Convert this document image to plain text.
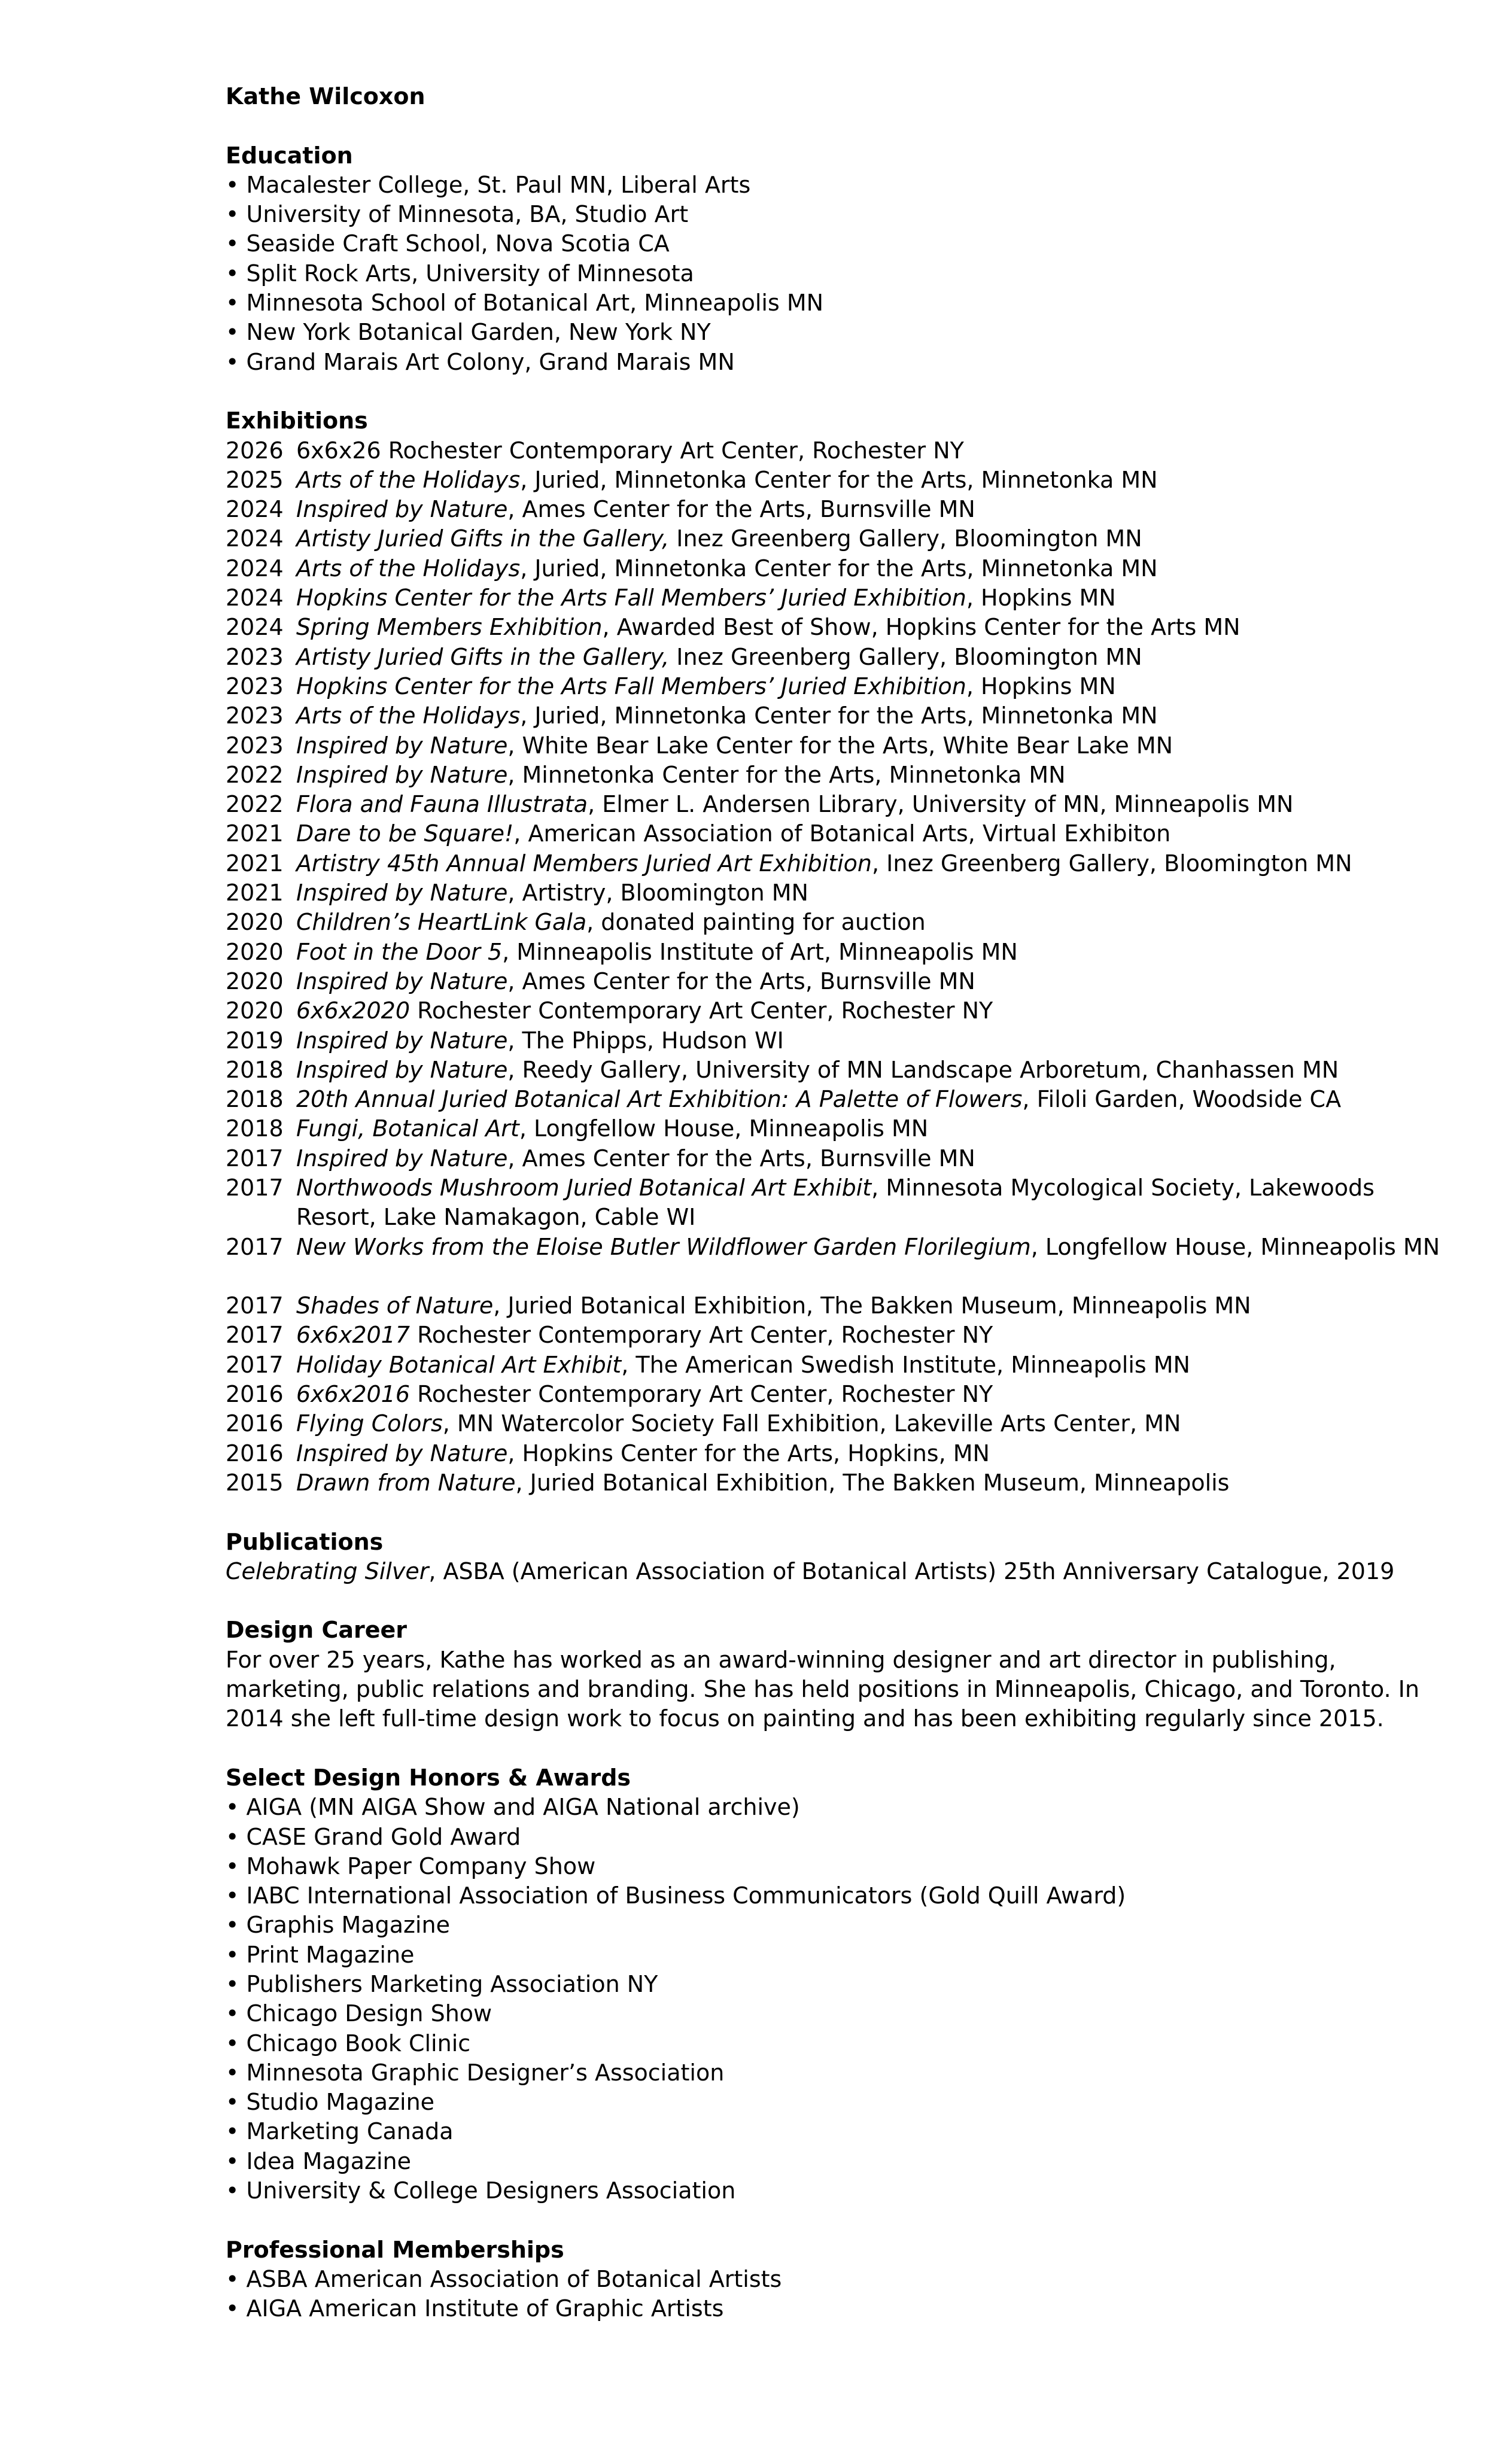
Kathe Wilcoxon
Education
• Macalester College, St. Paul MN, Liberal Arts
• University of Minnesota, BA, Studio Art
• Seaside Craft School, Nova Scotia CA
• Split Rock Arts, University of Minnesota
• Minnesota School of Botanical Art, Minneapolis MN
• New York Botanical Garden, New York NY
• Grand Marais Art Colony, Grand Marais MN
Exhibitions
2026 6x6x26 Rochester Contemporary Art Center, Rochester NY
2025 Arts of the Holidays, Juried, Minnetonka Center for the Arts, Minnetonka MN
2024 Inspired by Nature, Ames Center for the Arts, Burnsville MN
2024 Artisty Juried Gifts in the Gallery, Inez Greenberg Gallery, Bloomington MN
2024 Arts of the Holidays, Juried, Minnetonka Center for the Arts, Minnetonka MN
2024 Hopkins Center for the Arts Fall Members’ Juried Exhibition, Hopkins MN
2024 Spring Members Exhibition, Awarded Best of Show, Hopkins Center for the Arts MN
2023 Artisty Juried Gifts in the Gallery, Inez Greenberg Gallery, Bloomington MN
2023 Hopkins Center for the Arts Fall Members’ Juried Exhibition, Hopkins MN
2023 Arts of the Holidays, Juried, Minnetonka Center for the Arts, Minnetonka MN
2023 Inspired by Nature, White Bear Lake Center for the Arts, White Bear Lake MN
2022 Inspired by Nature, Minnetonka Center for the Arts, Minnetonka MN
2022 Flora and Fauna Illustrata, Elmer L. Andersen Library, University of MN, Minneapolis MN
2021 Dare to be Square!, American Association of Botanical Arts, Virtual Exhibiton
2021 Artistry 45th Annual Members Juried Art Exhibition, Inez Greenberg Gallery, Bloomington MN
2021 Inspired by Nature, Artistry, Bloomington MN
2020 Children’s HeartLink Gala, donated painting for auction
2020 Foot in the Door 5, Minneapolis Institute of Art, Minneapolis MN
2020 Inspired by Nature, Ames Center for the Arts, Burnsville MN
2020 6x6x2020 Rochester Contemporary Art Center, Rochester NY
2019 Inspired by Nature, The Phipps, Hudson WI
2018 Inspired by Nature, Reedy Gallery, University of MN Landscape Arboretum, Chanhassen MN
2018 20th Annual Juried Botanical Art Exhibition: A Palette of Flowers, Filoli Garden, Woodside CA
2018 Fungi, Botanical Art, Longfellow House, Minneapolis MN
2017 Inspired by Nature, Ames Center for the Arts, Burnsville MN
2017 Northwoods Mushroom Juried Botanical Art Exhibit, Minnesota Mycological Society, Lakewoods Resort, Lake Namakagon, Cable WI
2017 New Works from the Eloise Butler Wildflower Garden Florilegium, Longfellow House, Minneapolis MN
2017 Shades of Nature, Juried Botanical Exhibition, The Bakken Museum, Minneapolis MN
2017 6x6x2017 Rochester Contemporary Art Center, Rochester NY
2017 Holiday Botanical Art Exhibit, The American Swedish Institute, Minneapolis MN
2016 6x6x2016 Rochester Contemporary Art Center, Rochester NY
2016 Flying Colors, MN Watercolor Society Fall Exhibition, Lakeville Arts Center, MN
2016 Inspired by Nature, Hopkins Center for the Arts, Hopkins, MN
2015 Drawn from Nature, Juried Botanical Exhibition, The Bakken Museum, Minneapolis
Publications
Celebrating Silver, ASBA (American Association of Botanical Artists) 25th Anniversary Catalogue, 2019
Design Career
For over 25 years, Kathe has worked as an award-winning designer and art director in publishing, marketing, public relations and branding. She has held positions in Minneapolis, Chicago, and Toronto. In 2014 she left full-time design work to focus on painting and has been exhibiting regularly since 2015.
Select Design Honors & Awards
• AIGA (MN AIGA Show and AIGA National archive)
• CASE Grand Gold Award
• Mohawk Paper Company Show
• IABC International Association of Business Communicators (Gold Quill Award)
• Graphis Magazine
• Print Magazine
• Publishers Marketing Association NY
• Chicago Design Show
• Chicago Book Clinic
• Minnesota Graphic Designer’s Association
• Studio Magazine
• Marketing Canada
• Idea Magazine
• University & College Designers Association
Professional Memberships
• ASBA American Association of Botanical Artists
• AIGA American Institute of Graphic Artists
